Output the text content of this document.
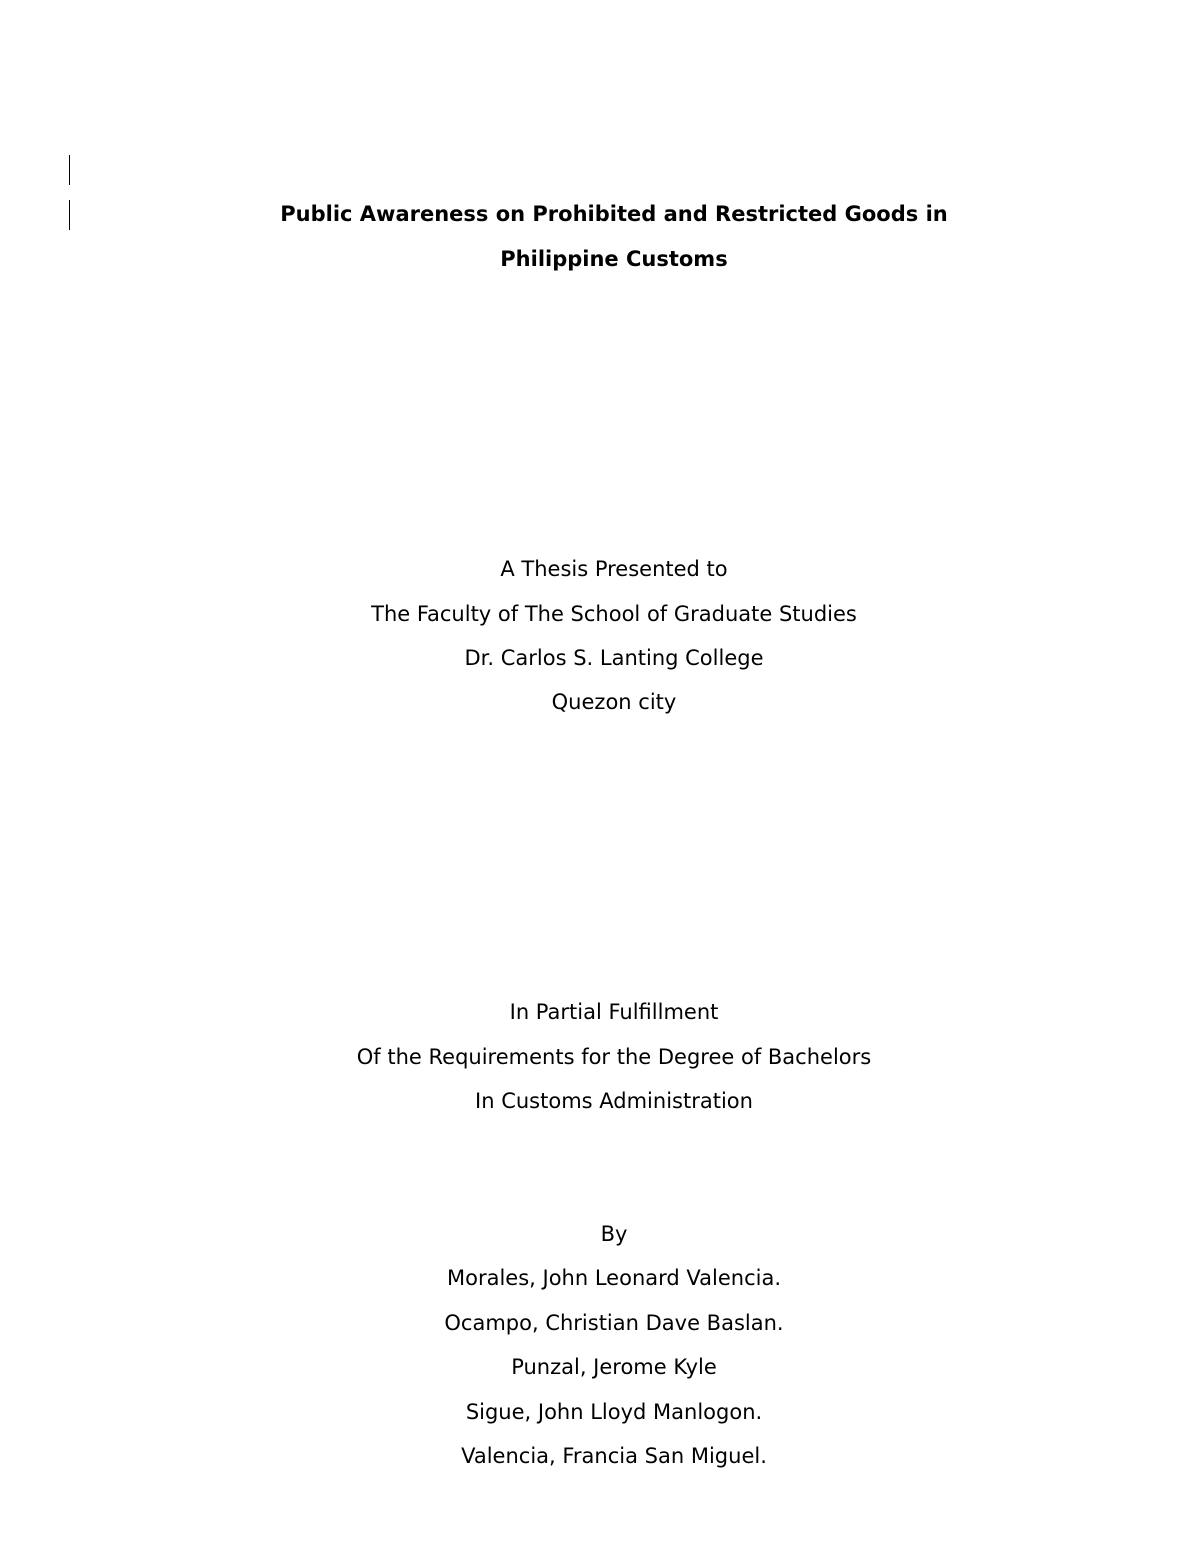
Public Awareness on Prohibited and Restricted Goods in
Philippine Customs
A Thesis Presented to
The Faculty of The School of Graduate Studies
Dr. Carlos S. Lanting College
Quezon city
In Partial Fulfillment
Of the Requirements for the Degree of Bachelors
In Customs Administration
By
Morales, John Leonard Valencia.
Ocampo, Christian Dave Baslan.
Punzal, Jerome Kyle
Sigue, John Lloyd Manlogon.
Valencia, Francia San Miguel.
